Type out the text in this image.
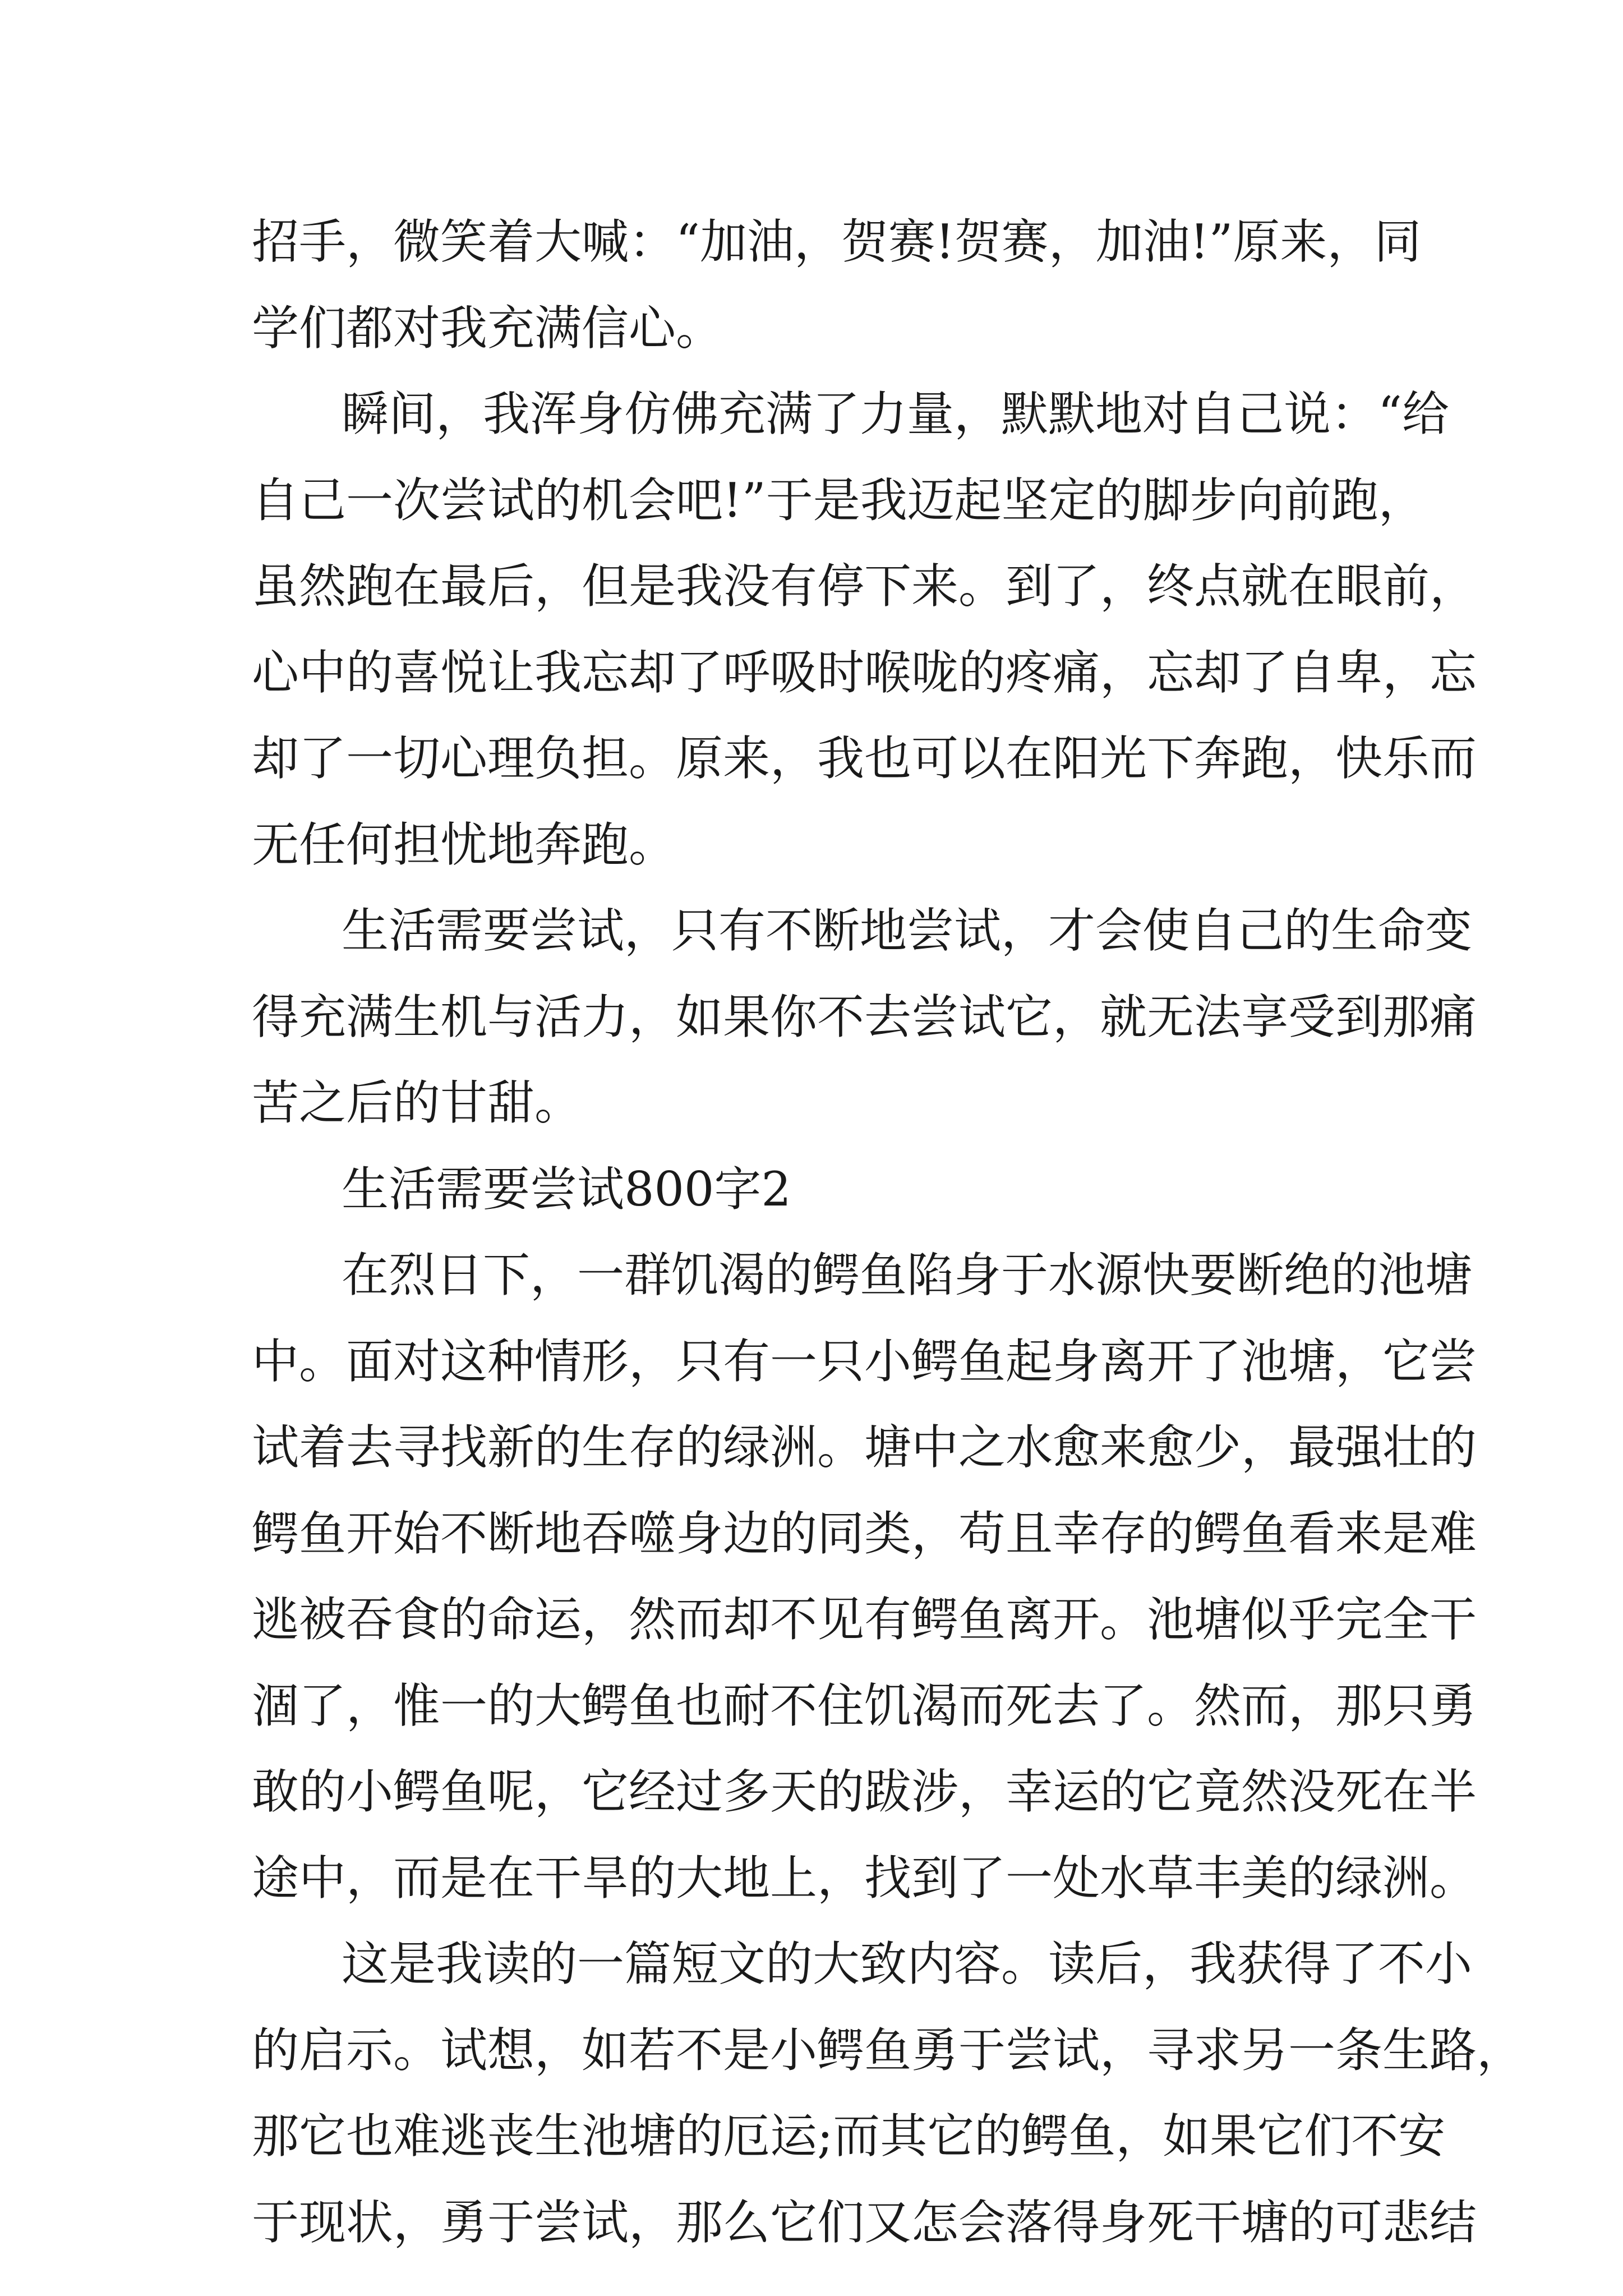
招手，微笑着大喊：“加油，贺赛!贺赛，加油!”原来，同
学们都对我充满信心。
瞬间，我浑身仿佛充满了力量，默默地对自己说：“给
自己一次尝试的机会吧!”于是我迈起坚定的脚步向前跑，
虽然跑在最后，但是我没有停下来。到了，终点就在眼前，
心中的喜悦让我忘却了呼吸时喉咙的疼痛，忘却了自卑，忘
却了一切心理负担。原来，我也可以在阳光下奔跑，快乐而
无任何担忧地奔跑。
生活需要尝试，只有不断地尝试，才会使自己的生命变
得充满生机与活力，如果你不去尝试它，就无法享受到那痛
苦之后的甘甜。
生活需要尝试800字2
在烈日下，一群饥渴的鳄鱼陷身于水源快要断绝的池塘
中。面对这种情形，只有一只小鳄鱼起身离开了池塘，它尝
试着去寻找新的生存的绿洲。塘中之水愈来愈少，最强壮的
鳄鱼开始不断地吞噬身边的同类，苟且幸存的鳄鱼看来是难
逃被吞食的命运，然而却不见有鳄鱼离开。池塘似乎完全干
涸了，惟一的大鳄鱼也耐不住饥渴而死去了。然而，那只勇
敢的小鳄鱼呢，它经过多天的跋涉，幸运的它竟然没死在半
途中，而是在干旱的大地上，找到了一处水草丰美的绿洲。
这是我读的一篇短文的大致内容。读后，我获得了不小
的启示。试想，如若不是小鳄鱼勇于尝试，寻求另一条生路，
那它也难逃丧生池塘的厄运;而其它的鳄鱼，如果它们不安
于现状，勇于尝试，那么它们又怎会落得身死干塘的可悲结
